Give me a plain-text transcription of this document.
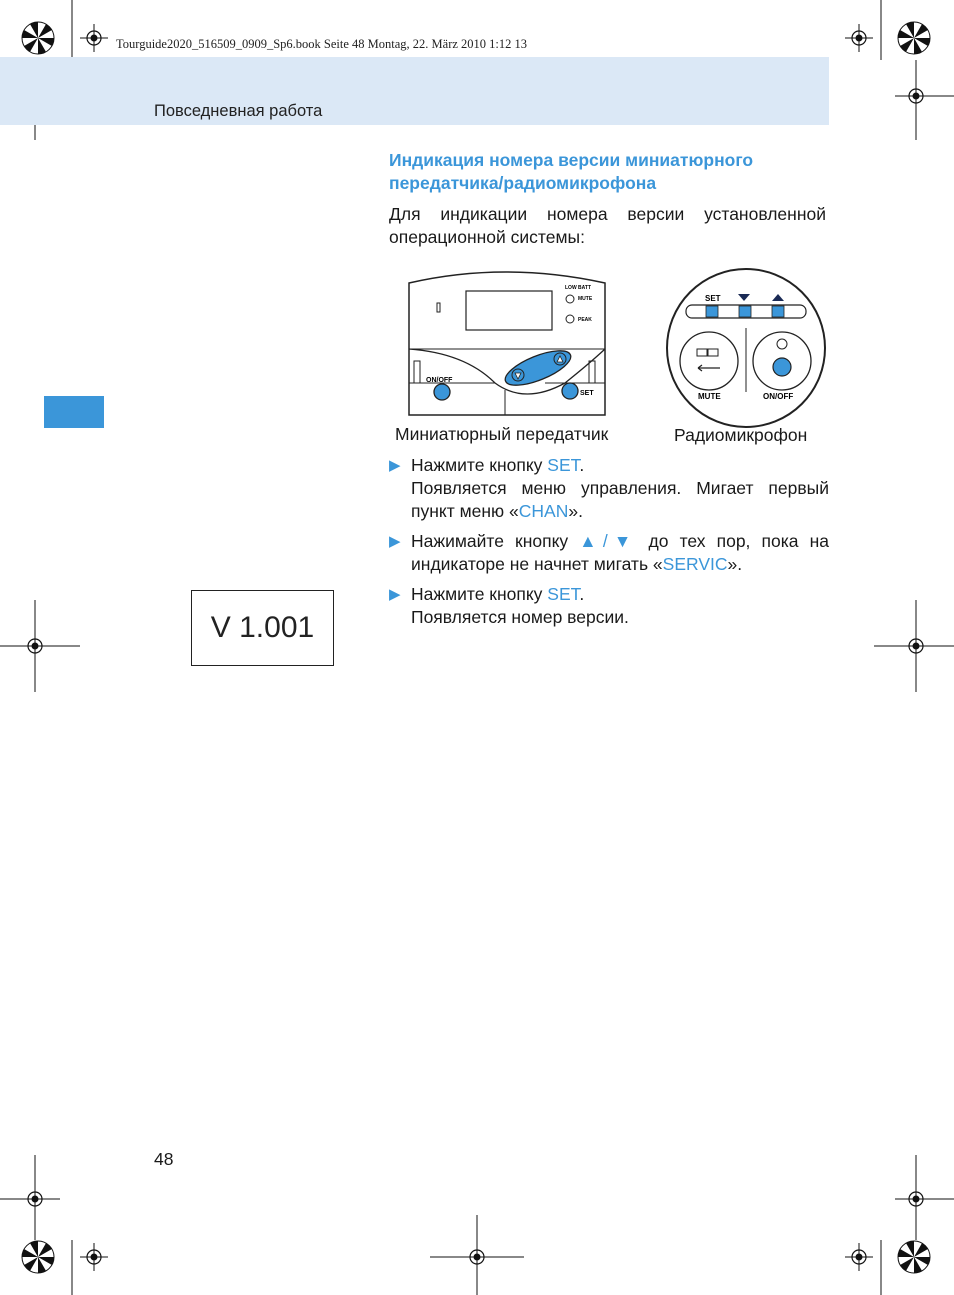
Tourguide2020_516509_0909_Sp6.book Seite 48 Montag, 22. März 2010 1:12 13
Повседневная работа
Индикация номера версии миниатюрного передатчика/радиомикрофона
Для индикации номера версии установленной операционной системы:
LOW BATT
MUTE
PEAK
ON/OFF
SET
SET
MUTE	ON/OFF
Миниатюрный передатчик	Радиомикрофон
▶ Нажмите кнопку SET.
Появляется меню управления. Мигает первый
пункт меню «CHAN».
▶ Нажимайте кнопку ▲/▼ до тех пор, пока на
индикаторе не начнет мигать «SERVIC».
▶ Нажмите кнопку SET.
Появляется номер версии.
V 1.001
48
